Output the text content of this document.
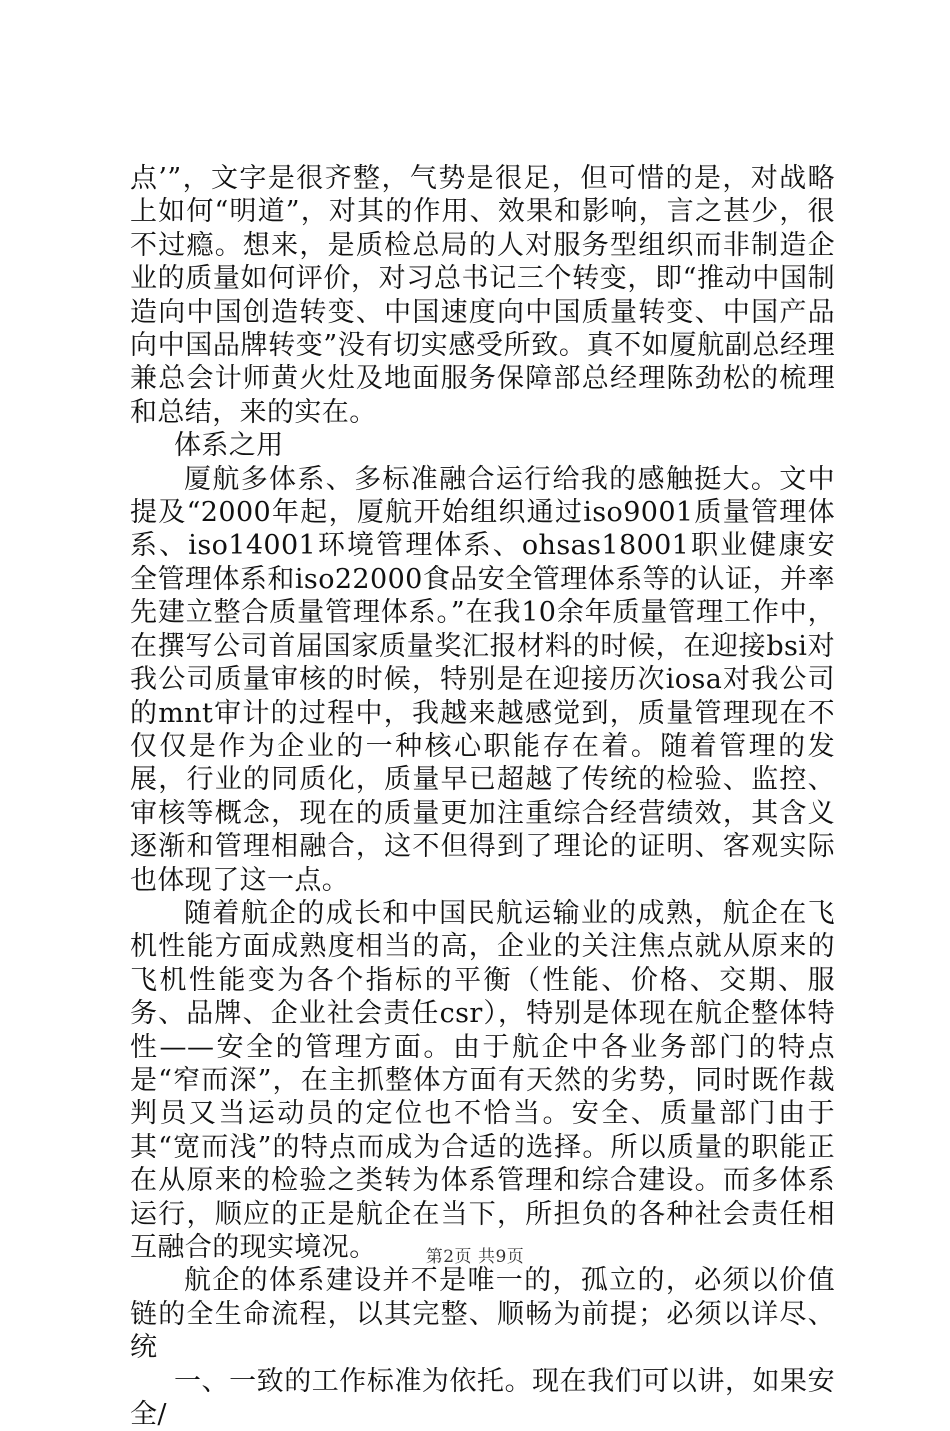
点’”，文字是很齐整，气势是很足，但可惜的是，对战略上如何“明道”，对其的作用、效果和影响，言之甚少，很不过瘾。想来，是质检总局的人对服务型组织而非制造企业的质量如何评价，对习总书记三个转变，即“推动中国制造向中国创造转变、中国速度向中国质量转变、中国产品向中国品牌转变”没有切实感受所致。真不如厦航副总经理兼总会计师黄火灶及地面服务保障部总经理陈劲松的梳理和总结，来的实在。

体系之用

厦航多体系、多标准融合运行给我的感触挺大。文中提及“2000年起，厦航开始组织通过iso9001质量管理体系、iso14001环境管理体系、ohsas18001职业健康安全管理体系和iso22000食品安全管理体系等的认证，并率先建立整合质量管理体系。”在我10余年质量管理工作中，在撰写公司首届国家质量奖汇报材料的时候，在迎接bsi对我公司质量审核的时候，特别是在迎接历次iosa对我公司的mnt审计的过程中，我越来越感觉到，质量管理现在不仅仅是作为企业的一种核心职能存在着。随着管理的发展，行业的同质化，质量早已超越了传统的检验、监控、审核等概念，现在的质量更加注重综合经营绩效，其含义逐渐和管理相融合，这不但得到了理论的证明、客观实际也体现了这一点。

随着航企的成长和中国民航运输业的成熟，航企在飞机性能方面成熟度相当的高，企业的关注焦点就从原来的飞机性能变为各个指标的平衡（性能、价格、交期、服务、品牌、企业社会责任csr），特别是体现在航企整体特性——安全的管理方面。由于航企中各业务部门的特点是“窄而深”，在主抓整体方面有天然的劣势，同时既作裁判员又当运动员的定位也不恰当。安全、质量部门由于其“宽而浅”的特点而成为合适的选择。所以质量的职能正在从原来的检验之类转为体系管理和综合建设。而多体系运行，顺应的正是航企在当下，所担负的各种社会责任相互融合的现实境况。

航企的体系建设并不是唯一的，孤立的，必须以价值链的全生命流程，以其完整、顺畅为前提；必须以详尽、统

一、一致的工作标准为依托。现在我们可以讲，如果安全/

第2页 共9页
